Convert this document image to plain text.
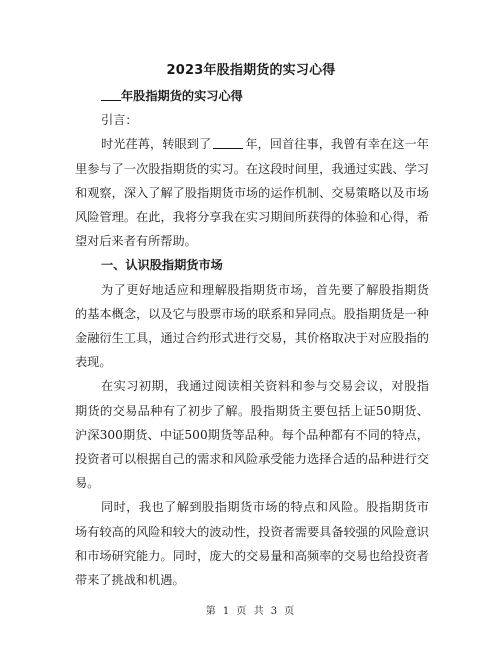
2023年股指期货的实习心得

年股指期货的实习心得

引言：

时光荏苒，转眼到了	年，回首往事，我曾有幸在这一年里参与了一次股指期货的实习。在这段时间里，我通过实践、学习和观察，深入了解了股指期货市场的运作机制、交易策略以及市场风险管理。在此，我将分享我在实习期间所获得的体验和心得，希望对后来者有所帮助。

一、认识股指期货市场

为了更好地适应和理解股指期货市场，首先要了解股指期货的基本概念，以及它与股票市场的联系和异同点。股指期货是一种金融衍生工具，通过合约形式进行交易，其价格取决于对应股指的表现。

在实习初期，我通过阅读相关资料和参与交易会议，对股指期货的交易品种有了初步了解。股指期货主要包括上证50期货、沪深300期货、中证500期货等品种。每个品种都有不同的特点，投资者可以根据自己的需求和风险承受能力选择合适的品种进行交易。

同时，我也了解到股指期货市场的特点和风险。股指期货市场有较高的风险和较大的波动性，投资者需要具备较强的风险意识和市场研究能力。同时，庞大的交易量和高频率的交易也给投资者带来了挑战和机遇。

第 1 页 共 3 页
